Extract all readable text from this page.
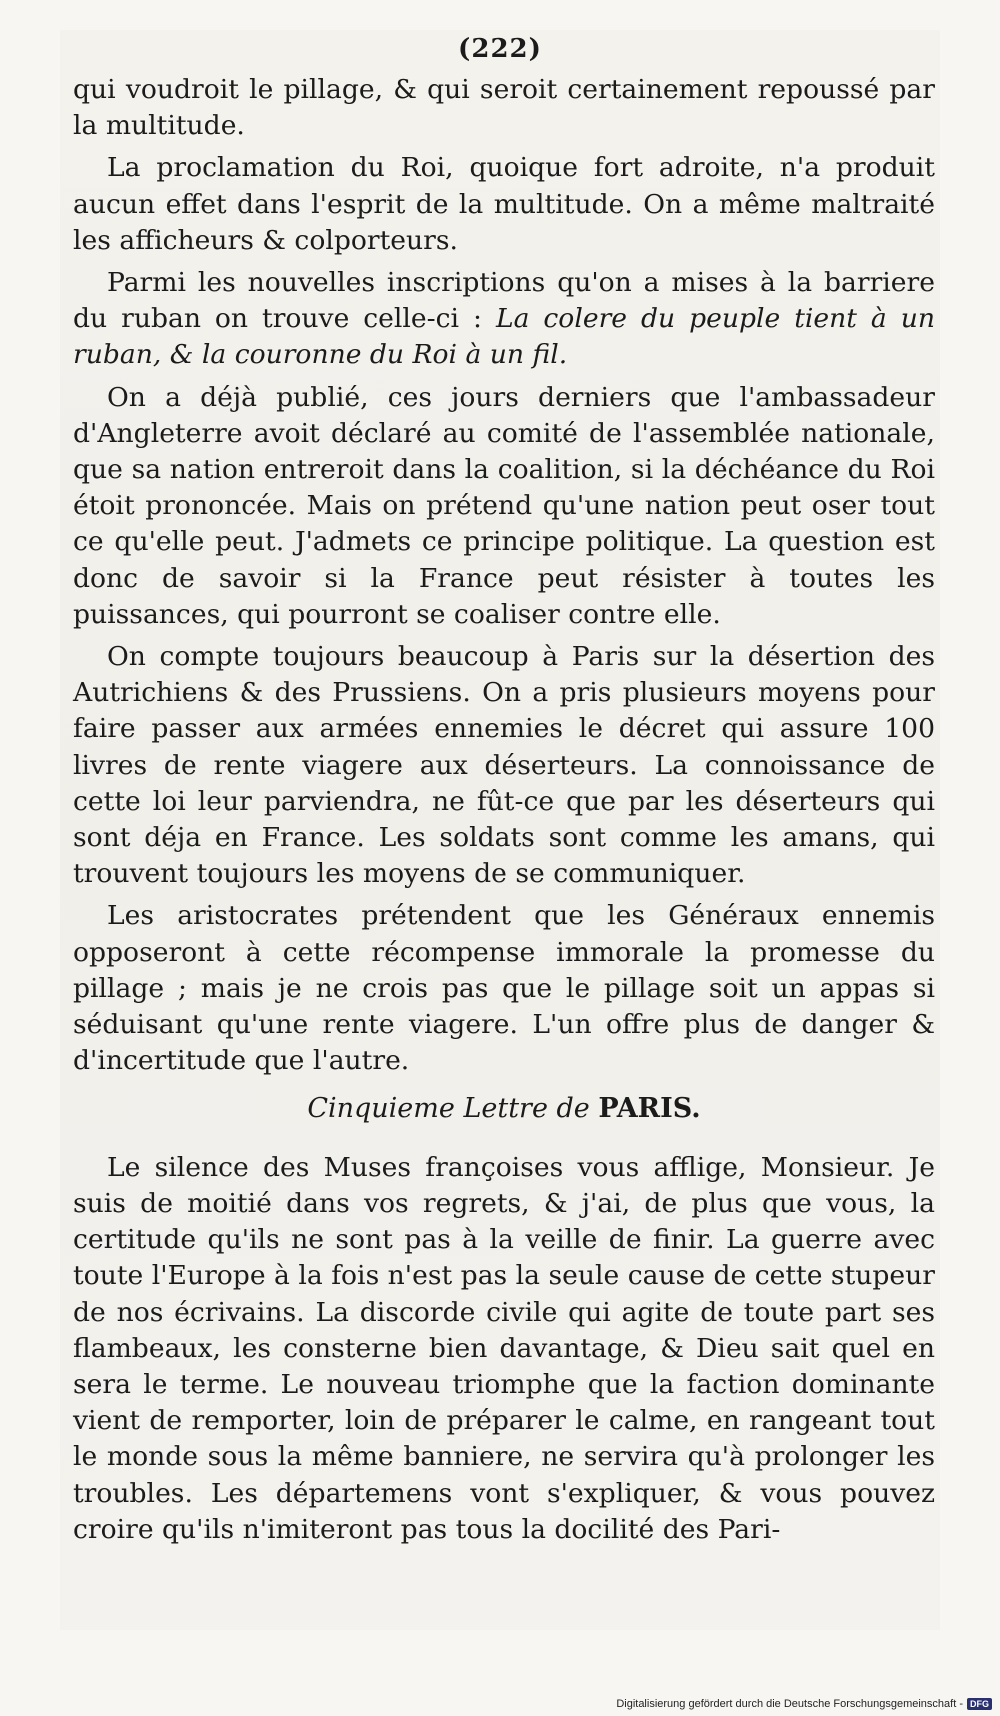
(222)

qui voudroit le pillage, & qui seroit certainement repoussé par la multitude.

La proclamation du Roi, quoique fort adroite, n'a produit aucun effet dans l'esprit de la multitude. On a même maltraité les afficheurs & colporteurs.

Parmi les nouvelles inscriptions qu'on a mises à la barriere du ruban on trouve celle-ci : La colere du peuple tient à un ruban, & la couronne du Roi à un fil.

On a déjà publié, ces jours derniers que l'ambassadeur d'Angleterre avoit déclaré au comité de l'assemblée nationale, que sa nation entreroit dans la coalition, si la déchéance du Roi étoit prononcée. Mais on prétend qu'une nation peut oser tout ce qu'elle peut. J'admets ce principe politique. La question est donc de savoir si la France peut résister à toutes les puissances, qui pourront se coaliser contre elle.

On compte toujours beaucoup à Paris sur la désertion des Autrichiens & des Prussiens. On a pris plusieurs moyens pour faire passer aux armées ennemies le décret qui assure 100 livres de rente viagere aux déserteurs. La connoissance de cette loi leur parviendra, ne fût-ce que par les déserteurs qui sont déja en France. Les soldats sont comme les amans, qui trouvent toujours les moyens de se communiquer.

Les aristocrates prétendent que les Généraux ennemis opposeront à cette récompense immorale la promesse du pillage ; mais je ne crois pas que le pillage soit un appas si séduisant qu'une rente viagere. L'un offre plus de danger & d'incertitude que l'autre.

Cinquieme Lettre de PARIS.

Le silence des Muses françoises vous afflige, Monsieur. Je suis de moitié dans vos regrets, & j'ai, de plus que vous, la certitude qu'ils ne sont pas à la veille de finir. La guerre avec toute l'Europe à la fois n'est pas la seule cause de cette stupeur de nos écrivains. La discorde civile qui agite de toute part ses flambeaux, les consterne bien davantage, & Dieu sait quel en sera le terme. Le nouveau triomphe que la faction dominante vient de remporter, loin de préparer le calme, en rangeant tout le monde sous la même banniere, ne servira qu'à prolonger les troubles. Les départemens vont s'expliquer, & vous pouvez croire qu'ils n'imiteront pas tous la docilité des Pari-

Digitalisierung gefördert durch die Deutsche Forschungsgemeinschaft - DFG
